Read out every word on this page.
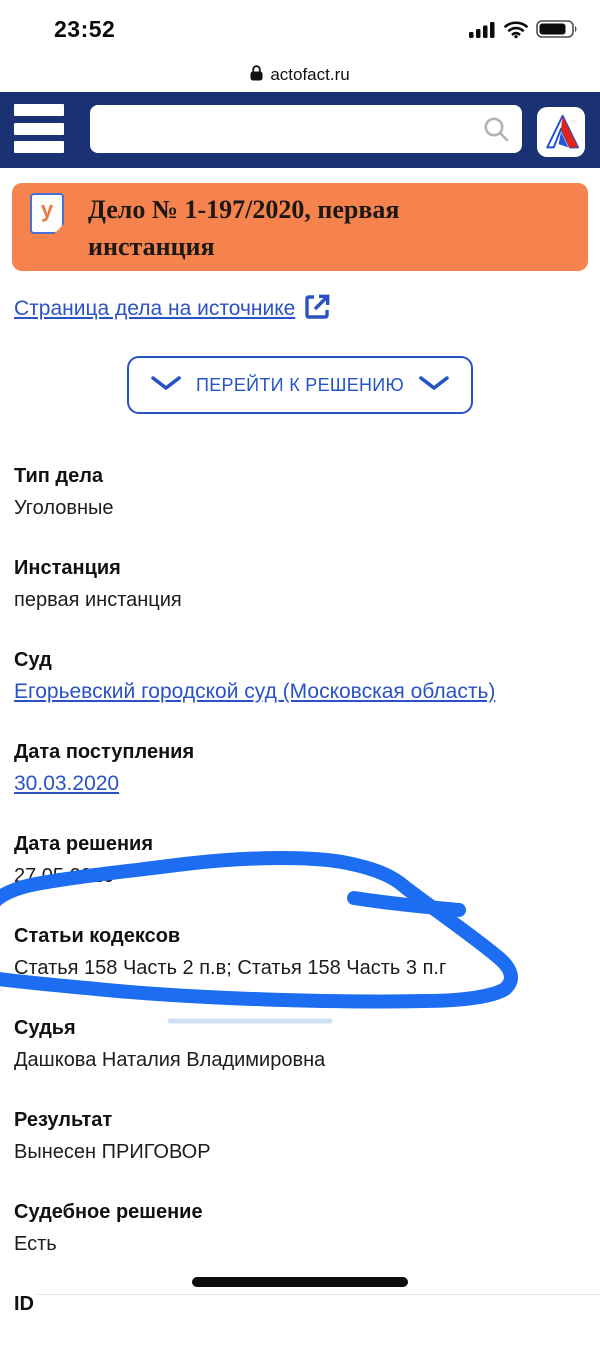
23:52
actofact.ru
у Дело № 1-197/2020, первая инстанция
Страница дела на источнике
ПЕРЕЙТИ К РЕШЕНИЮ
Тип дела
Уголовные
Инстанция
первая инстанция
Суд
Егорьевский городской суд (Московская область)
Дата поступления
30.03.2020
Дата решения
27.05.2020
Статьи кодексов
Статья 158 Часть 2 п.в; Статья 158 Часть 3 п.г
Судья
Дашкова Наталия Владимировна
Результат
Вынесен ПРИГОВОР
Судебное решение
Есть
ID
